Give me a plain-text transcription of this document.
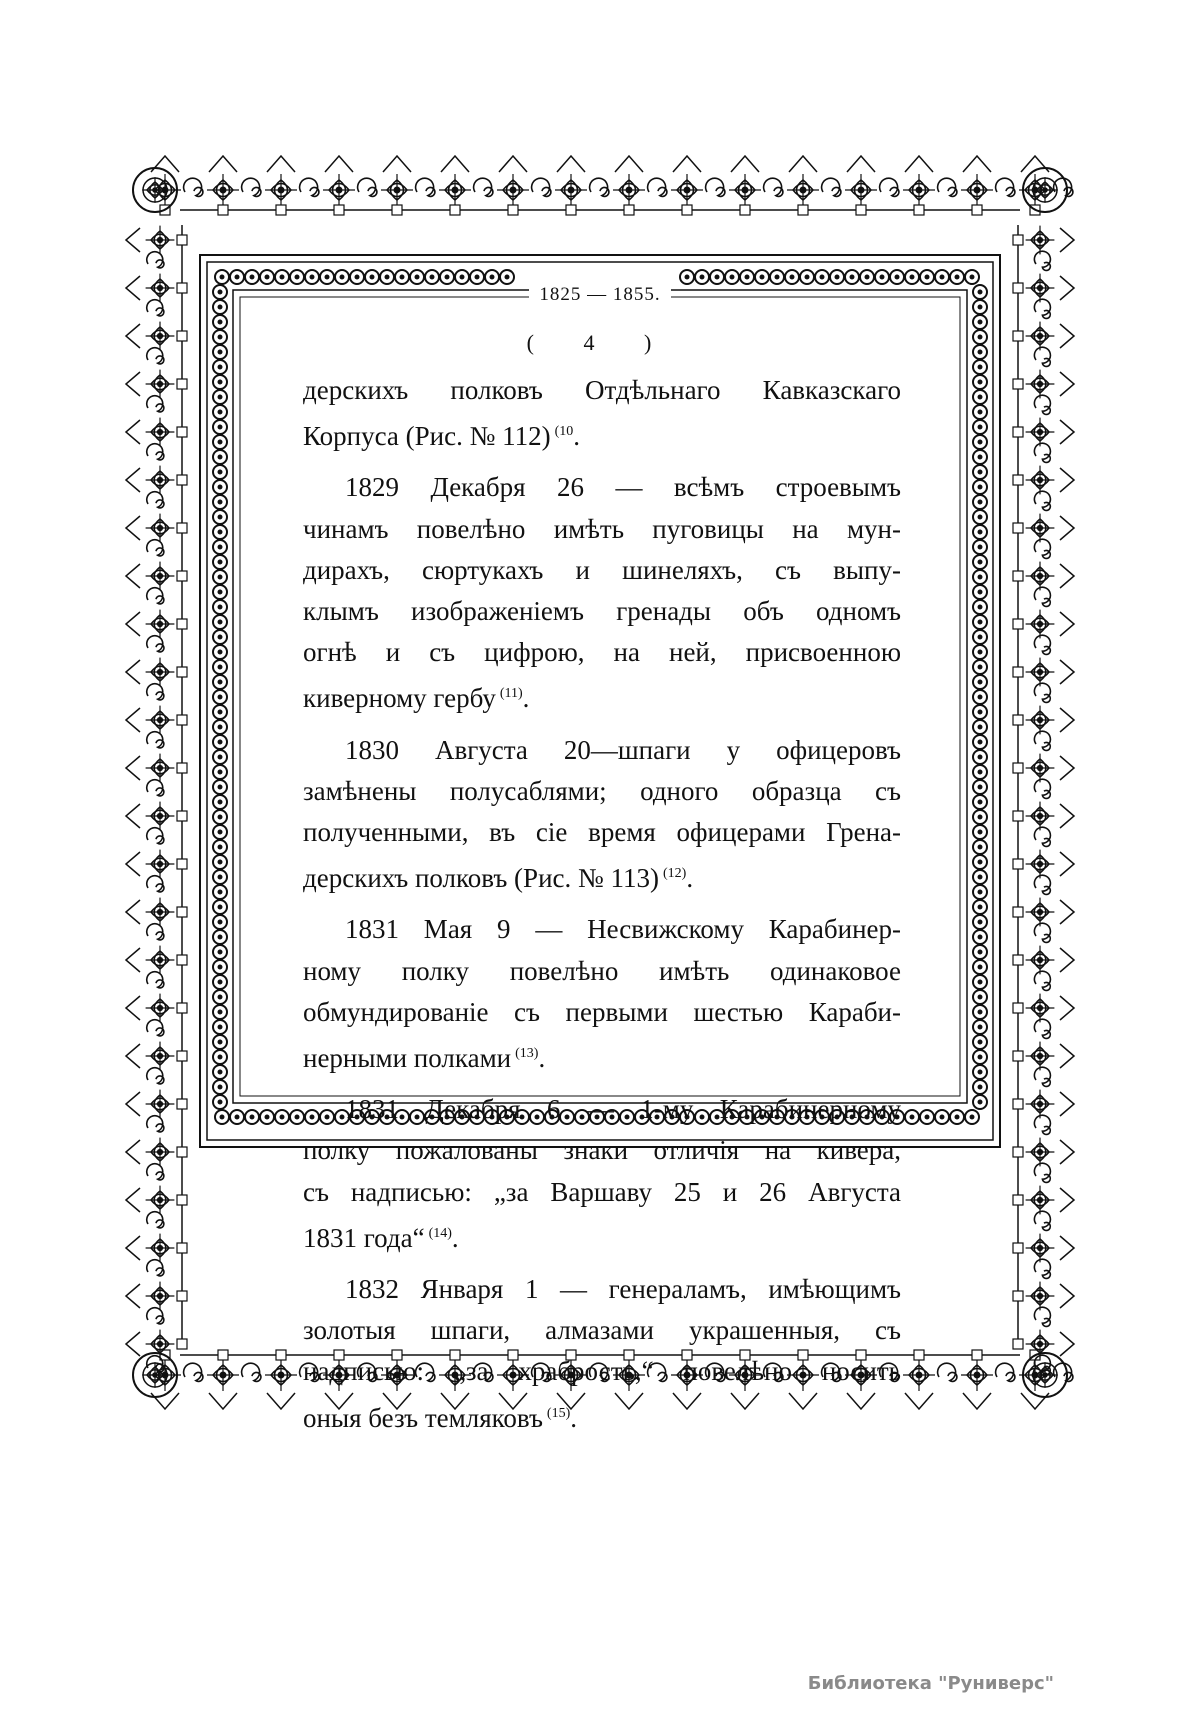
1825 — 1855.
( 4 )
дерскихъ полковъ Отдѣльнаго Кавказскаго
Корпуса (Рис. № 112) $^{(10}$.
1829 Декабря 26 — всѣмъ строевымъ
чинамъ повелѣно имѣть пуговицы на мун-
дирахъ, сюртукахъ и шинеляхъ, съ выпу-
клымъ изображеніемъ гренады объ одномъ
огнѣ и съ цифрою, на ней, присвоенною
киверному гербу $^{(11)}$.
1830 Августа 20—шпаги у офицеровъ
замѣнены полусаблями; одного образца съ
полученными, въ сіе время офицерами Грена-
дерскихъ полковъ (Рис. № 113) $^{(12)}$.
1831 Мая 9 — Несвижскому Карабинер-
ному полку повелѣно имѣть одинаковое
обмундированіе съ первыми шестью Караби-
нерными полками $^{(13)}$.
1831 Декабря 6 — 1-му Карабинерному
полку пожалованы знаки отличія на кивера,
съ надписью: „за Варшаву 25 и 26 Августа
1831 года“ $^{(14)}$.
1832 Января 1 — генераламъ, имѣющимъ
золотыя шпаги, алмазами украшенныя, съ
надписью: „за храбрость,“ повелѣно носить
оныя безъ темляковъ $^{(15)}$.
Библиотека "Руниверс"
